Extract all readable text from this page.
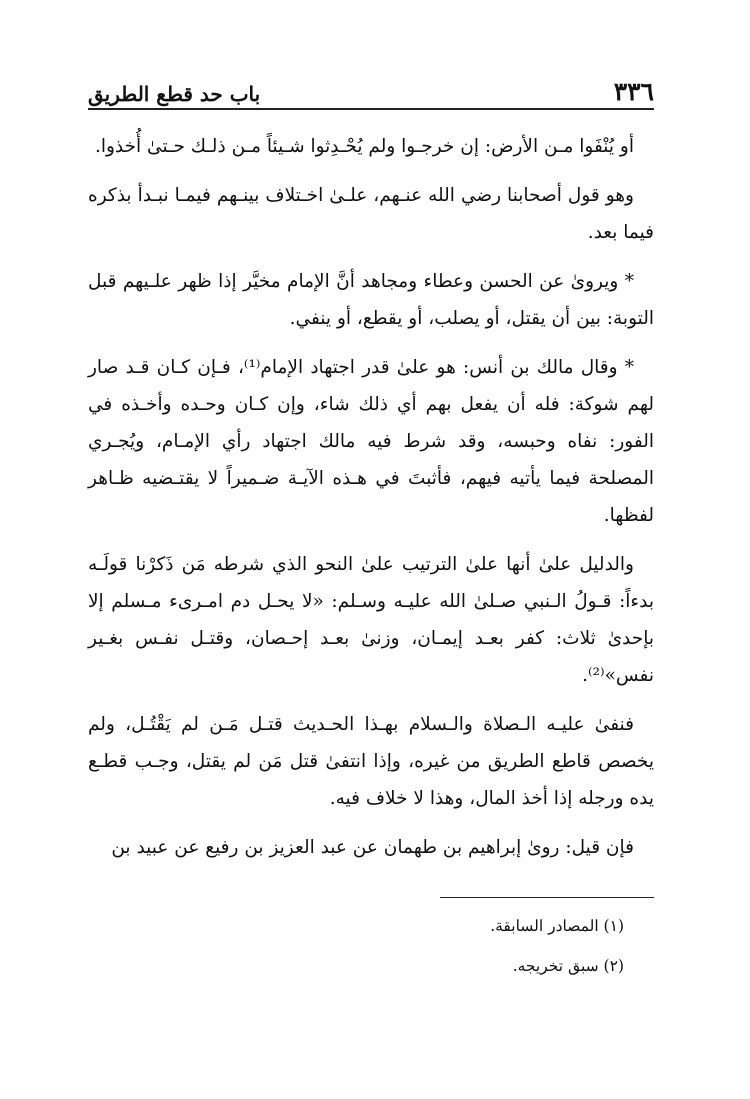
٣٣٦
باب حد قطع الطريق

أو يُنْفَوا مـن الأرض: إن خرجـوا ولم يُحْـدِثوا شـيئاً مـن ذلـك حـتىٰ أُخذوا.

وهو قول أصحابنا رضي الله عنـهم، علـىٰ اخـتلاف بينـهم فيمـا نبـدأ بذكره فيما بعد.

* ويرویٰ عن الحسن وعطاء ومجاهد أنَّ الإمام مخيَّر إذا ظهر علـيهم قبل التوبة: بين أن يقتل، أو يصلب، أو يقطع، أو ينفي.

* وقال مالك بن أنس: هو علىٰ قدر اجتهاد الإمام⁽¹⁾، فـإن كـان قـد صار لهم شوكة: فله أن يفعل بهم أي ذلك شاء، وإن كـان وحـده وأخـذه في الفور: نفاه وحبسه، وقد شرط فيه مالك اجتهاد رأي الإمـام، ويُجـري المصلحة فيما يأتيه فيهم، فأثبتَ في هـذه الآيـة ضـميراً لا يقتـضيه ظـاهر لفظها.

والدليل علىٰ أنها علىٰ الترتيب علىٰ النحو الذي شرطه مَن ذَكرْنا قولَـه بدءاً: قـولُ الـنبي صـلىٰ الله عليـه وسـلم: «لا يحـل دم امـرىء مـسلم إلا بإحدىٰ ثلاث: كفر بعـد إيمـان، وزنىٰ بعـد إحـصان، وقتـل نفـس بغـير نفس»⁽²⁾.

فنفىٰ عليـه الـصلاة والـسلام بهـذا الحـديث قتـل مَـن لم يَقْتُـل، ولم يخصص قاطع الطريق من غيره، وإذا انتفىٰ قتل مَن لم يقتل، وجـب قطـع يده ورجله إذا أخذ المال، وهذا لا خلاف فيه.

فإن قيل: رویٰ إبراهيم بن طهمان عن عبد العزيز بن رفيع عن عبيد بن

(١) المصادر السابقة.
(٢) سبق تخريجه.
